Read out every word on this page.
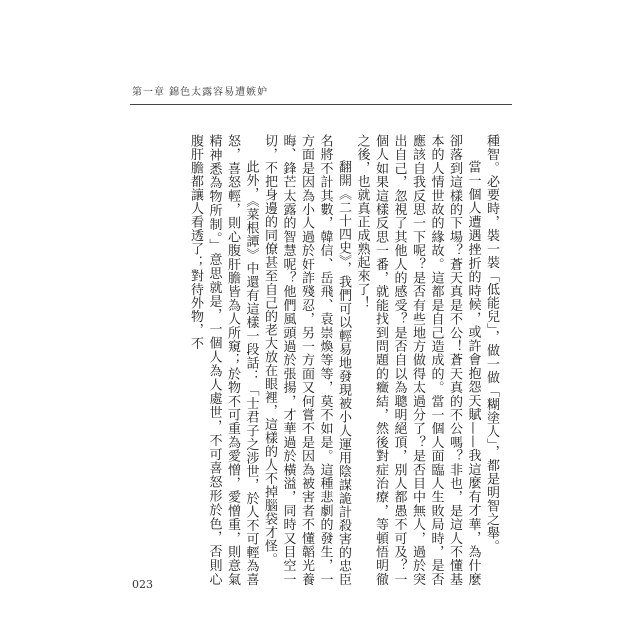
第一章 錦色太露容易遭嫉妒

種智。必要時，裝一裝「低能兒」，做一做「糊塗人」，都是明智之舉。

當一個人遭遇挫折的時候，或許會抱怨天賦——我這麼有才華，為什麼卻落到這樣的下場？蒼天真是不公！蒼天真的不公嗎？非也，是這人不懂基本的人情世故的緣故。這都是自己造成的。當一個人面臨人生敗局時，是否應該自我反思一下呢？是否有些地方做得太過分了？是否目中無人，過於突出自己，忽視了其他人的感受？是否自以為聰明絕頂，別人都愚不可及？一個人如果這樣反思一番，就能找到問題的癥結，然後對症治療，等頓悟明徹之後，也就真正成熟起來了！

翻開《二十四史》，我們可以輕易地發現被小人運用陰謀詭計殺害的忠臣名將不計其數，韓信、岳飛、袁崇煥等等，莫不如是。這種悲劇的發生，一方面是因為小人過於奸詐殘忍，另一方面又何嘗不是因為被害者不懂韜光養晦、鋒芒太露的智慧呢？他們風頭過於張揚，才華過於橫溢，同時又目空一切，不把身邊的同僚甚至自己的老大放在眼裡，這樣的人不掉腦袋才怪。

此外，《菜根譚》中還有這樣一段話：「士君子之涉世，於人不可輕為喜怒，喜怒輕，則心腹肝膽皆為人所窺；於物不可重為愛憎，愛憎重，則意氣精神悉為物所制。」意思就是，一個人為人處世，不可喜怒形於色，否則心腹肝膽都讓人看透了；對待外物，不

023
